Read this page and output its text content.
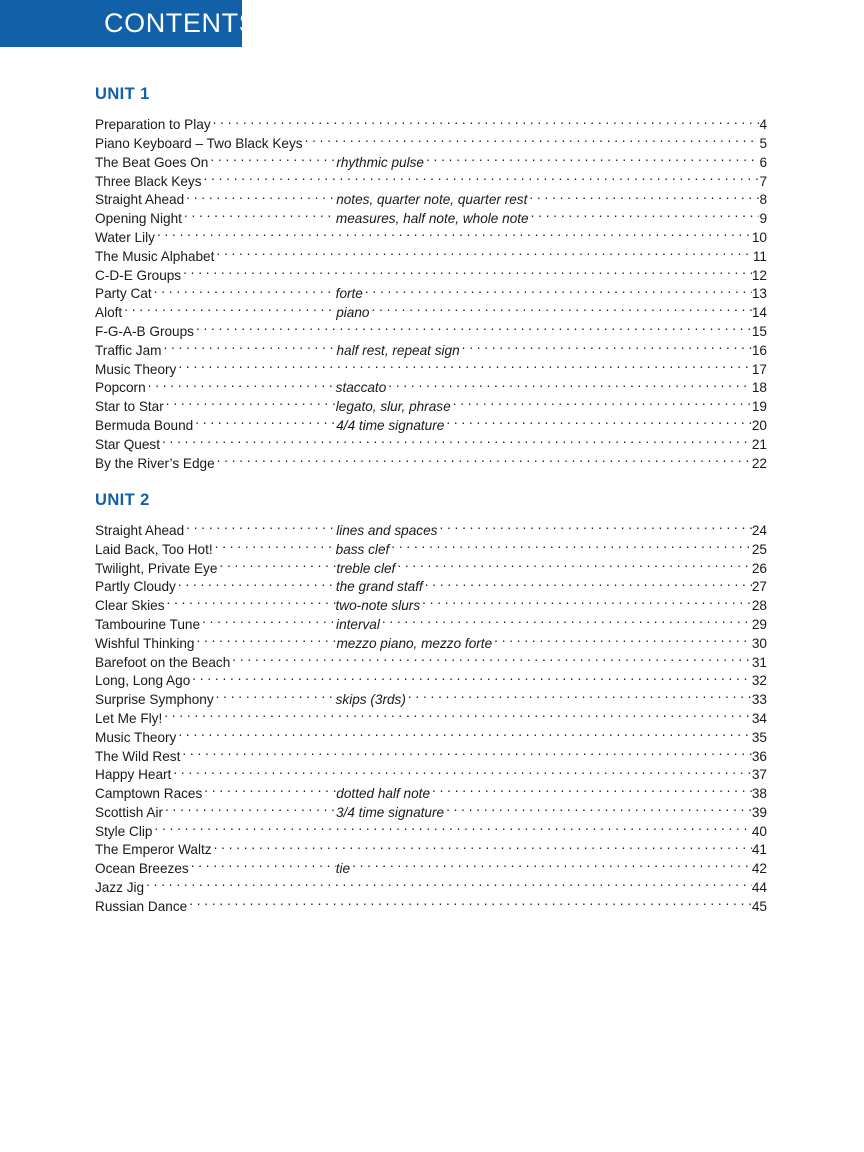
CONTENTS
UNIT 1
Preparation to Play . . .	4
Piano Keyboard – Two Black Keys . . .	5
The Beat Goes On . . .	rhythmic pulse . . .	6
Three Black Keys . . .	7
Straight Ahead . . .	notes, quarter note, quarter rest . . .	8
Opening Night . . .	measures, half note, whole note . . .	9
Water Lily . . .	10
The Music Alphabet . . .	11
C-D-E Groups . . .	12
Party Cat . . .	forte . . .	13
Aloft . . .	piano . . .	14
F-G-A-B Groups . . .	15
Traffic Jam . . .	half rest, repeat sign . . .	16
Music Theory . . .	17
Popcorn . . .	staccato . . .	18
Star to Star . . .	legato, slur, phrase . . .	19
Bermuda Bound . . .	4/4 time signature . . .	20
Star Quest . . .	21
By the River’s Edge . . .	22
UNIT 2
Straight Ahead . . .	lines and spaces . . .	24
Laid Back, Too Hot! . . .	bass clef . . .	25
Twilight, Private Eye . . .	treble clef . . .	26
Partly Cloudy . . .	the grand staff . . .	27
Clear Skies . . .	two-note slurs . . .	28
Tambourine Tune . . .	interval . . .	29
Wishful Thinking . . .	mezzo piano, mezzo forte . . .	30
Barefoot on the Beach . . .	31
Long, Long Ago . . .	32
Surprise Symphony . . .	skips (3rds) . . .	33
Let Me Fly! . . .	34
Music Theory . . .	35
The Wild Rest . . .	36
Happy Heart . . .	37
Camptown Races . . .	dotted half note . . .	38
Scottish Air . . .	3/4 time signature . . .	39
Style Clip . . .	40
The Emperor Waltz . . .	41
Ocean Breezes . . .	tie . . .	42
Jazz Jig . . .	44
Russian Dance . . .	45
